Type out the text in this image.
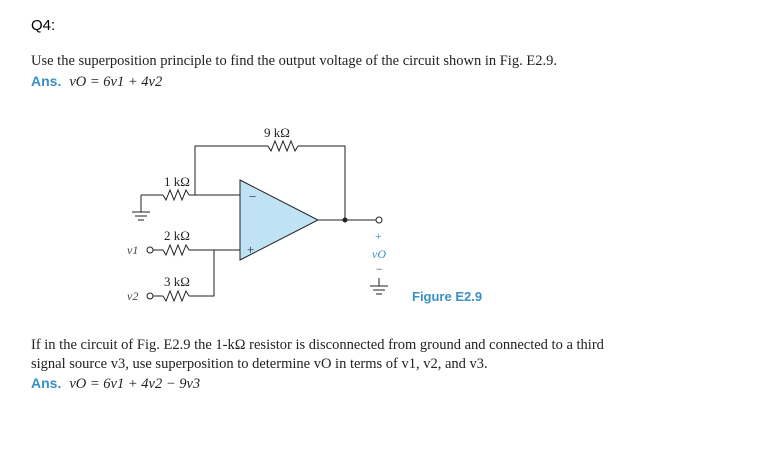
Q4:
Use the superposition principle to find the output voltage of the circuit shown in Fig. E2.9.
Ans. vO = 6v1 + 4v2
−
+
9 kΩ
1 kΩ
2 kΩ
3 kΩ
v1
v2
+
vO
−
Figure E2.9
If in the circuit of Fig. E2.9 the 1-kΩ resistor is disconnected from ground and connected to a third
signal source v3, use superposition to determine vO in terms of v1, v2, and v3.
Ans. vO = 6v1 + 4v2 − 9v3
